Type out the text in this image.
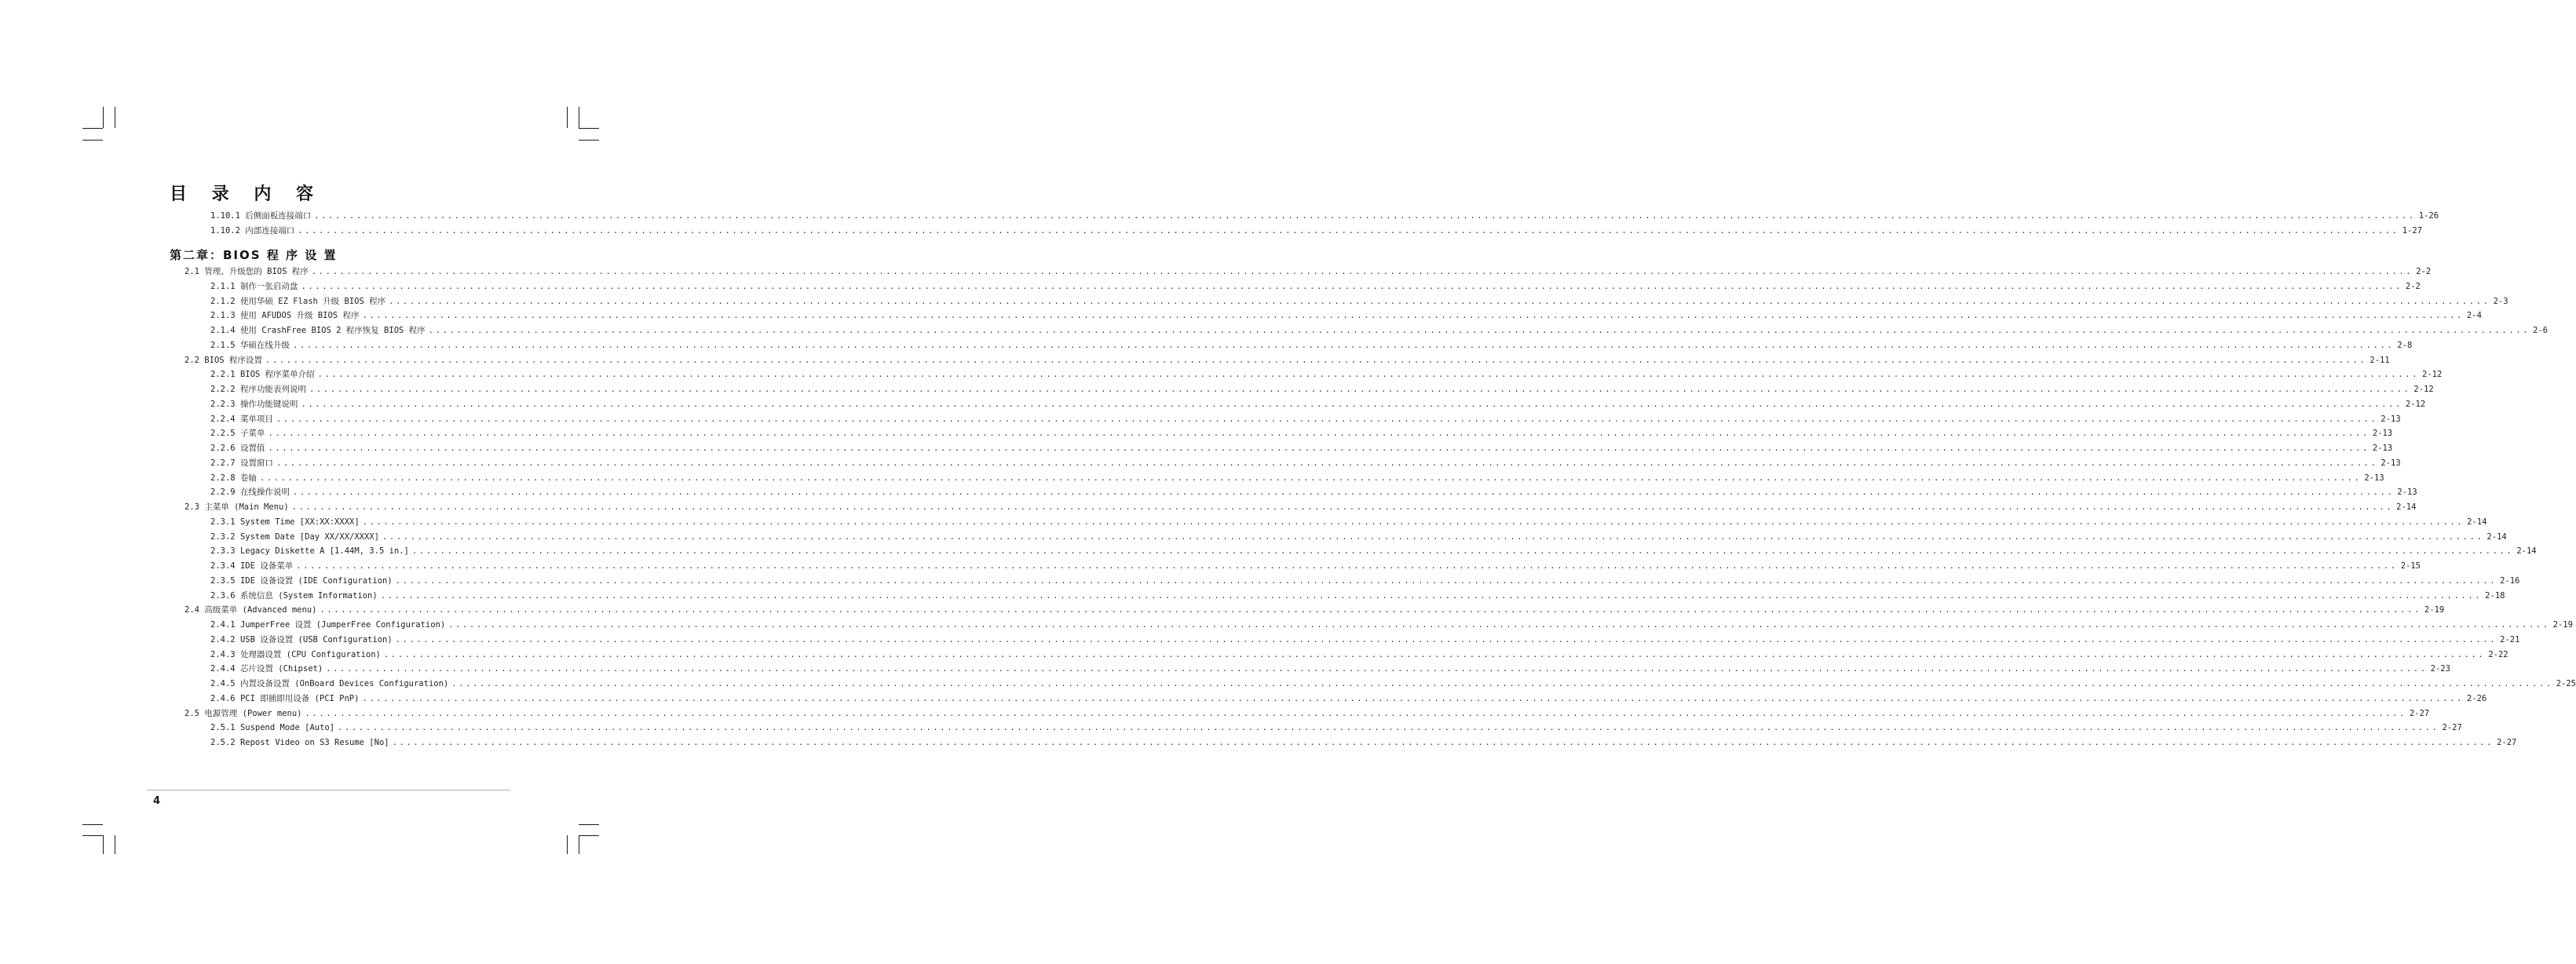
目 录 内 容
1.10.1
后侧面板连接端口 ............................................................................................................................................................................................................................................................................................................ 1-26
1.10.2
内部连接端口 ............................................................................................................................................................................................................................................................................................................ 1-27
第二章：BIOS 程 序 设 置
2.1
管理、升级您的 BIOS 程序 ............................................................................................................................................................................................................................................................................................................ 2-2
2.1.1
制作一张启动盘 ............................................................................................................................................................................................................................................................................................................ 2-2
2.1.2
使用华硕 EZ Flash 升级 BIOS 程序 ............................................................................................................................................................................................................................................................................................................ 2-3
2.1.3
使用 AFUDOS 升级 BIOS 程序 ............................................................................................................................................................................................................................................................................................................ 2-4
2.1.4
使用 CrashFree BIOS 2 程序恢复 BIOS 程序 ............................................................................................................................................................................................................................................................................................................ 2-6
2.1.5
华硕在线升级 ............................................................................................................................................................................................................................................................................................................ 2-8
2.2
BIOS 程序设置 ............................................................................................................................................................................................................................................................................................................ 2-11
2.2.1
BIOS 程序菜单介绍 ............................................................................................................................................................................................................................................................................................................ 2-12
2.2.2
程序功能表列说明 ............................................................................................................................................................................................................................................................................................................ 2-12
2.2.3
操作功能键说明 ............................................................................................................................................................................................................................................................................................................ 2-12
2.2.4
菜单项目 ............................................................................................................................................................................................................................................................................................................ 2-13
2.2.5
子菜单 ............................................................................................................................................................................................................................................................................................................ 2-13
2.2.6
设置值 ............................................................................................................................................................................................................................................................................................................ 2-13
2.2.7
设置窗口 ............................................................................................................................................................................................................................................................................................................ 2-13
2.2.8
卷轴 ............................................................................................................................................................................................................................................................................................................ 2-13
2.2.9
在线操作说明 ............................................................................................................................................................................................................................................................................................................ 2-13
2.3
主菜单 (Main Menu) ............................................................................................................................................................................................................................................................................................................ 2-14
2.3.1
System Time [XX:XX:XXXX] ............................................................................................................................................................................................................................................................................................................ 2-14
2.3.2
System Date [Day XX/XX/XXXX] ............................................................................................................................................................................................................................................................................................................ 2-14
2.3.3
Legacy Diskette A [1.44M, 3.5 in.] ............................................................................................................................................................................................................................................................................................................ 2-14
2.3.4
IDE 设备菜单 ............................................................................................................................................................................................................................................................................................................ 2-15
2.3.5
IDE 设备设置 (IDE Configuration) ............................................................................................................................................................................................................................................................................................................ 2-16
2.3.6
系统信息 (System Information) ............................................................................................................................................................................................................................................................................................................ 2-18
2.4
高级菜单 (Advanced menu) ............................................................................................................................................................................................................................................................................................................ 2-19
2.4.1
JumperFree 设置 (JumperFree Configuration) ............................................................................................................................................................................................................................................................................................................ 2-19
2.4.2
USB 设备设置 (USB Configuration) ............................................................................................................................................................................................................................................................................................................ 2-21
2.4.3
处理器设置 (CPU Configuration) ............................................................................................................................................................................................................................................................................................................ 2-22
2.4.4
芯片设置 (Chipset) ............................................................................................................................................................................................................................................................................................................ 2-23
2.4.5
内置设备设置 (OnBoard Devices Configuration) ............................................................................................................................................................................................................................................................................................................ 2-25
2.4.6
PCI 即插即用设备 (PCI PnP) ............................................................................................................................................................................................................................................................................................................ 2-26
2.5
电源管理 (Power menu) ............................................................................................................................................................................................................................................................................................................ 2-27
2.5.1
Suspend Mode [Auto] ............................................................................................................................................................................................................................................................................................................ 2-27
2.5.2
Repost Video on S3 Resume [No] ............................................................................................................................................................................................................................................................................................................ 2-27
4
